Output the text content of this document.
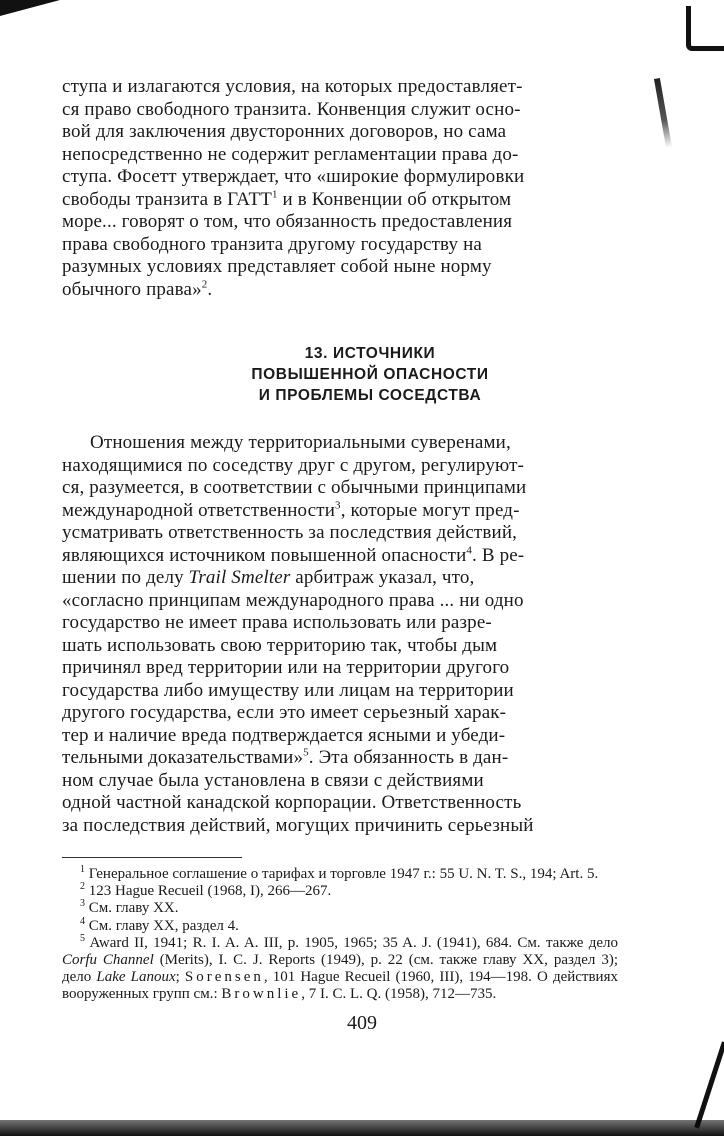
ступа и излагаются условия, на которых предоставляет-
ся право свободного транзита. Конвенция служит осно-
вой для заключения двусторонних договоров, но сама
непосредственно не содержит регламентации права до-
ступа. Фосетт утверждает, что «широкие формулировки
свободы транзита в ГАТТ$^1$ и в Конвенции об открытом
море... говорят о том, что обязанность предоставления
права свободного транзита другому государству на
разумных условиях представляет собой ныне норму
обычного права»$^2$.

13. ИСТОЧНИКИ
ПОВЫШЕННОЙ ОПАСНОСТИ
И ПРОБЛЕМЫ СОСЕДСТВА

Отношения между территориальными суверенами,
находящимися по соседству друг с другом, регулируют-
ся, разумеется, в соответствии с обычными принципами
международной ответственности$^3$, которые могут пред-
усматривать ответственность за последствия действий,
являющихся источником повышенной опасности$^4$. В ре-
шении по делу Trail Smelter арбитраж указал, что,
«согласно принципам международного права ... ни одно
государство не имеет права использовать или разре-
шать использовать свою территорию так, чтобы дым
причинял вред территории или на территории другого
государства либо имуществу или лицам на территории
другого государства, если это имеет серьезный харак-
тер и наличие вреда подтверждается ясными и убеди-
тельными доказательствами»$^5$. Эта обязанность в дан-
ном случае была установлена в связи с действиями
одной частной канадской корпорации. Ответственность
за последствия действий, могущих причинить серьезный

$^1$ Генеральное соглашение о тарифах и торговле 1947 г.: 55 U. N. T. S., 194; Art. 5.

$^2$ 123 Hague Recueil (1968, I), 266—267.

$^3$ См. главу XX.

$^4$ См. главу XX, раздел 4.

$^5$ Award II, 1941; R. I. A. A. III, p. 1905, 1965; 35 A. J. (1941), 684. См. также дело Corfu Channel (Merits), I. C. J. Reports (1949), p. 22 (см. также главу XX, раздел 3); дело Lake Lanoux; Sorensen, 101 Hague Recueil (1960, III), 194—198. О действиях вооруженных групп см.: Brownlie, 7 I. C. L. Q. (1958), 712—735.

409
